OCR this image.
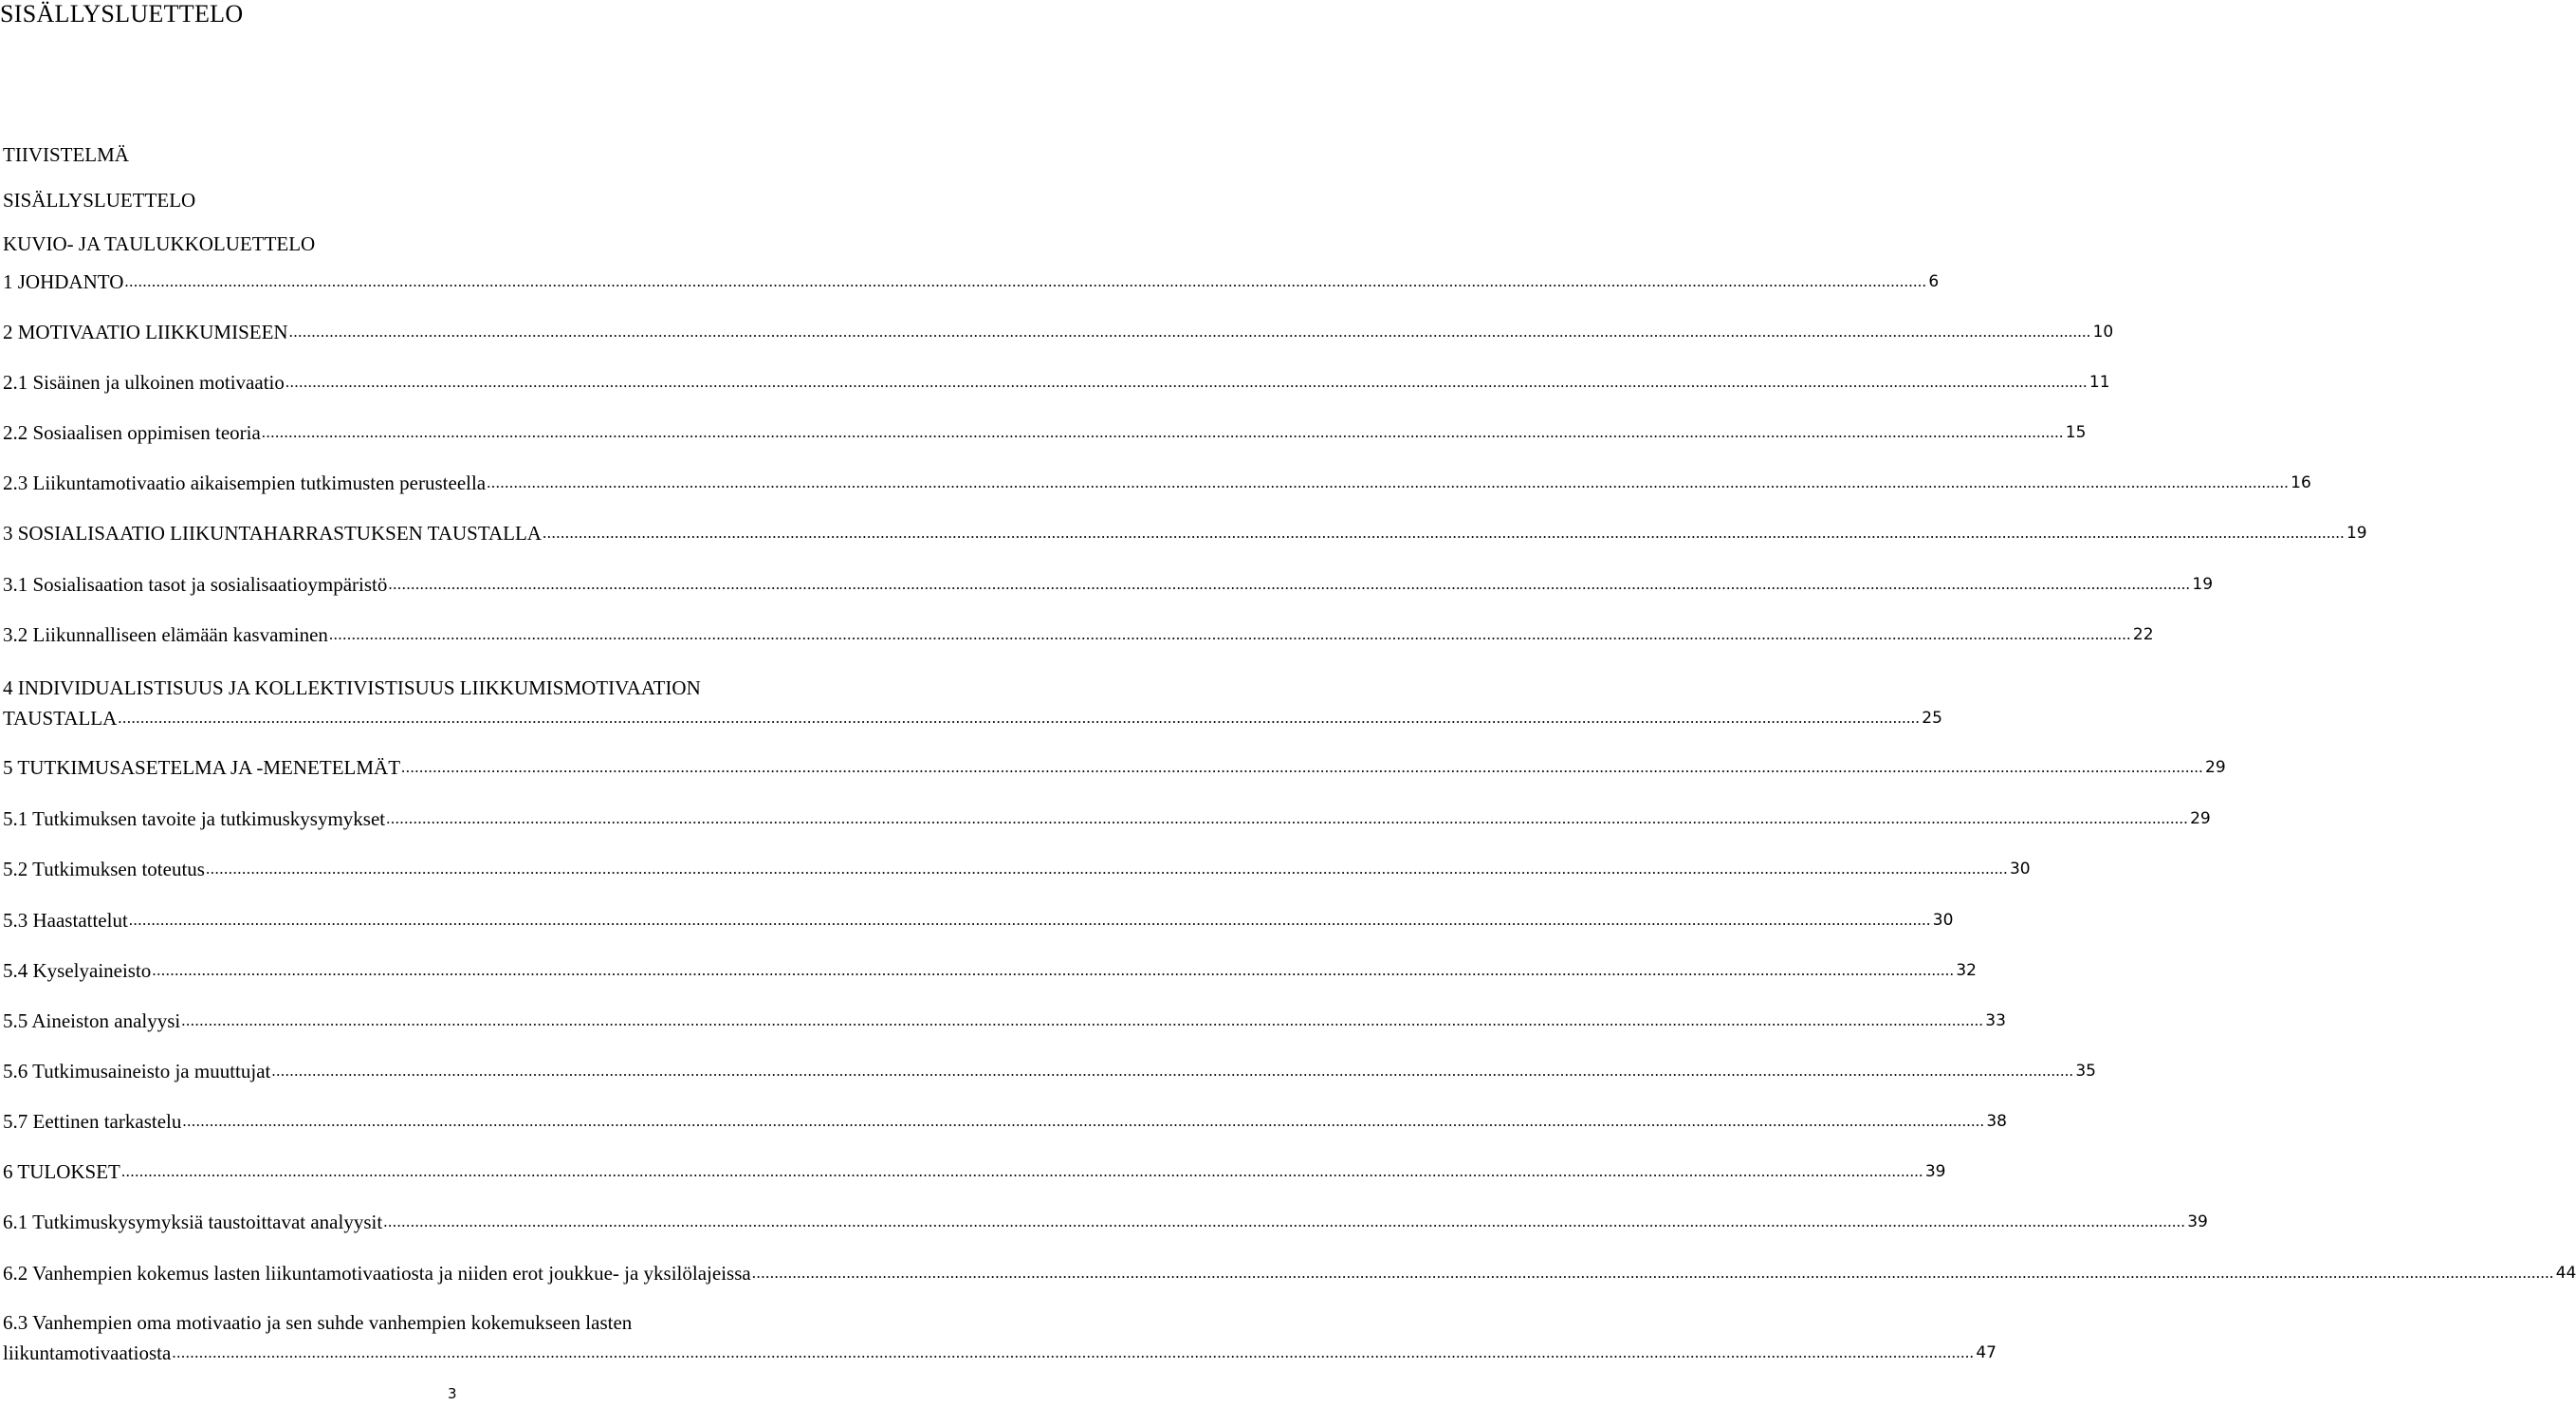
SISÄLLYSLUETTELO
TIIVISTELMÄ
SISÄLLYSLUETTELO
KUVIO- JA TAULUKKOLUETTELO
1 JOHDANTO ................................................................................................................................................................................................................................................................................................................................................................................................................ 6
2 MOTIVAATIO LIIKKUMISEEN ................................................................................................................................................................................................................................................................................................................................................................................................................ 10
2.1 Sisäinen ja ulkoinen motivaatio ................................................................................................................................................................................................................................................................................................................................................................................................................ 11
2.2 Sosiaalisen oppimisen teoria ................................................................................................................................................................................................................................................................................................................................................................................................................ 15
2.3 Liikuntamotivaatio aikaisempien tutkimusten perusteella ................................................................................................................................................................................................................................................................................................................................................................................................................ 16
3 SOSIALISAATIO LIIKUNTAHARRASTUKSEN TAUSTALLA ................................................................................................................................................................................................................................................................................................................................................................................................................ 19
3.1 Sosialisaation tasot ja sosialisaatioympäristö ................................................................................................................................................................................................................................................................................................................................................................................................................ 19
3.2 Liikunnalliseen elämään kasvaminen ................................................................................................................................................................................................................................................................................................................................................................................................................ 22
4 INDIVIDUALISTISUUS JA KOLLEKTIVISTISUUS LIIKKUMISMOTIVAATION
TAUSTALLA ................................................................................................................................................................................................................................................................................................................................................................................................................ 25
5 TUTKIMUSASETELMA JA -MENETELMÄT ................................................................................................................................................................................................................................................................................................................................................................................................................ 29
5.1 Tutkimuksen tavoite ja tutkimuskysymykset ................................................................................................................................................................................................................................................................................................................................................................................................................ 29
5.2 Tutkimuksen toteutus ................................................................................................................................................................................................................................................................................................................................................................................................................ 30
5.3 Haastattelut ................................................................................................................................................................................................................................................................................................................................................................................................................ 30
5.4 Kyselyaineisto ................................................................................................................................................................................................................................................................................................................................................................................................................ 32
5.5 Aineiston analyysi ................................................................................................................................................................................................................................................................................................................................................................................................................ 33
5.6 Tutkimusaineisto ja muuttujat ................................................................................................................................................................................................................................................................................................................................................................................................................ 35
5.7 Eettinen tarkastelu ................................................................................................................................................................................................................................................................................................................................................................................................................ 38
6 TULOKSET ................................................................................................................................................................................................................................................................................................................................................................................................................ 39
6.1 Tutkimuskysymyksiä taustoittavat analyysit ................................................................................................................................................................................................................................................................................................................................................................................................................ 39
6.2 Vanhempien kokemus lasten liikuntamotivaatiosta ja niiden erot joukkue- ja yksilölajeissa ................................................................................................................................................................................................................................................................................................................................................................................................................ 44
6.3 Vanhempien oma motivaatio ja sen suhde vanhempien kokemukseen lasten
liikuntamotivaatiosta ................................................................................................................................................................................................................................................................................................................................................................................................................ 47
3
